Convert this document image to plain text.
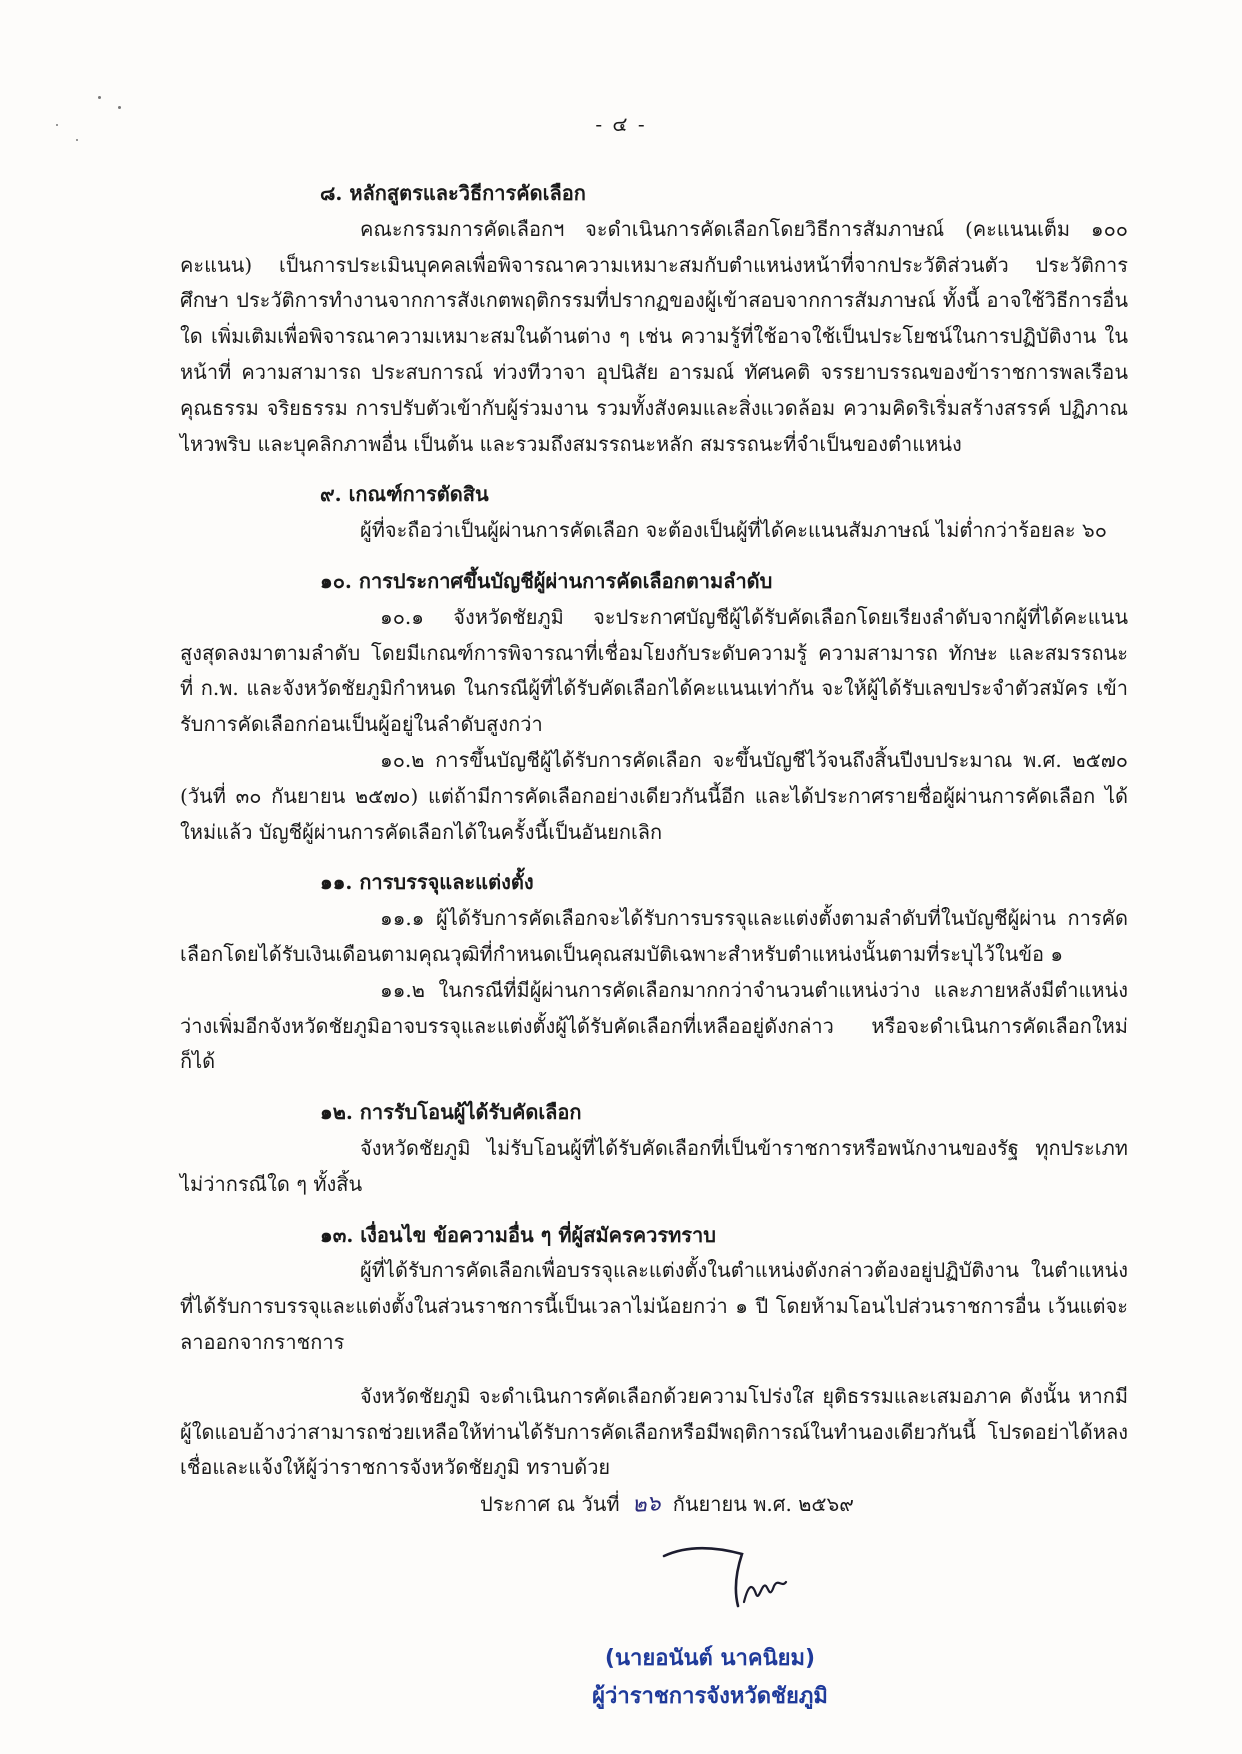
- ๔ -
๘. หลักสูตรและวิธีการคัดเลือก

คณะกรรมการคัดเลือกฯ จะดำเนินการคัดเลือกโดยวิธีการสัมภาษณ์ (คะแนนเต็ม ๑๐๐ คะแนน) เป็นการประเมินบุคคลเพื่อพิจารณาความเหมาะสมกับตำแหน่งหน้าที่จากประวัติส่วนตัว ประวัติการศึกษา ประวัติการทำงานจากการสังเกตพฤติกรรมที่ปรากฏของผู้เข้าสอบจากการสัมภาษณ์ ทั้งนี้ อาจใช้วิธีการอื่นใด เพิ่มเติมเพื่อพิจารณาความเหมาะสมในด้านต่าง ๆ เช่น ความรู้ที่ใช้อาจใช้เป็นประโยชน์ในการปฏิบัติงาน ในหน้าที่ ความสามารถ ประสบการณ์ ท่วงทีวาจา อุปนิสัย อารมณ์ ทัศนคติ จรรยาบรรณของข้าราชการพลเรือน คุณธรรม จริยธรรม การปรับตัวเข้ากับผู้ร่วมงาน รวมทั้งสังคมและสิ่งแวดล้อม ความคิดริเริ่มสร้างสรรค์ ปฏิภาณไหวพริบ และบุคลิกภาพอื่น เป็นต้น และรวมถึงสมรรถนะหลัก สมรรถนะที่จำเป็นของตำแหน่ง

๙. เกณฑ์การตัดสิน

ผู้ที่จะถือว่าเป็นผู้ผ่านการคัดเลือก จะต้องเป็นผู้ที่ได้คะแนนสัมภาษณ์ ไม่ต่ำกว่าร้อยละ ๖๐

๑๐. การประกาศขึ้นบัญชีผู้ผ่านการคัดเลือกตามลำดับ

๑๐.๑ จังหวัดชัยภูมิ จะประกาศบัญชีผู้ได้รับคัดเลือกโดยเรียงลำดับจากผู้ที่ได้คะแนน สูงสุดลงมาตามลำดับ โดยมีเกณฑ์การพิจารณาที่เชื่อมโยงกับระดับความรู้ ความสามารถ ทักษะ และสมรรถนะ ที่ ก.พ. และจังหวัดชัยภูมิกำหนด ในกรณีผู้ที่ได้รับคัดเลือกได้คะแนนเท่ากัน จะให้ผู้ได้รับเลขประจำตัวสมัคร เข้ารับการคัดเลือกก่อนเป็นผู้อยู่ในลำดับสูงกว่า

๑๐.๒ การขึ้นบัญชีผู้ได้รับการคัดเลือก จะขึ้นบัญชีไว้จนถึงสิ้นปีงบประมาณ พ.ศ. ๒๕๗๐ (วันที่ ๓๐ กันยายน ๒๕๗๐) แต่ถ้ามีการคัดเลือกอย่างเดียวกันนี้อีก และได้ประกาศรายชื่อผู้ผ่านการคัดเลือก ได้ใหม่แล้ว บัญชีผู้ผ่านการคัดเลือกได้ในครั้งนี้เป็นอันยกเลิก

๑๑. การบรรจุและแต่งตั้ง

๑๑.๑ ผู้ได้รับการคัดเลือกจะได้รับการบรรจุและแต่งตั้งตามลำดับที่ในบัญชีผู้ผ่าน การคัดเลือกโดยได้รับเงินเดือนตามคุณวุฒิที่กำหนดเป็นคุณสมบัติเฉพาะสำหรับตำแหน่งนั้นตามที่ระบุไว้ในข้อ ๑

๑๑.๒ ในกรณีที่มีผู้ผ่านการคัดเลือกมากกว่าจำนวนตำแหน่งว่าง และภายหลังมีตำแหน่ง ว่างเพิ่มอีกจังหวัดชัยภูมิอาจบรรจุและแต่งตั้งผู้ได้รับคัดเลือกที่เหลืออยู่ดังกล่าว หรือจะดำเนินการคัดเลือกใหม่ก็ได้

๑๒. การรับโอนผู้ได้รับคัดเลือก

จังหวัดชัยภูมิ ไม่รับโอนผู้ที่ได้รับคัดเลือกที่เป็นข้าราชการหรือพนักงานของรัฐ ทุกประเภท ไม่ว่ากรณีใด ๆ ทั้งสิ้น

๑๓. เงื่อนไข ข้อความอื่น ๆ ที่ผู้สมัครควรทราบ

ผู้ที่ได้รับการคัดเลือกเพื่อบรรจุและแต่งตั้งในตำแหน่งดังกล่าวต้องอยู่ปฏิบัติงาน ในตำแหน่งที่ได้รับการบรรจุและแต่งตั้งในส่วนราชการนี้เป็นเวลาไม่น้อยกว่า ๑ ปี โดยห้ามโอนไปส่วนราชการอื่น เว้นแต่จะลาออกจากราชการ

จังหวัดชัยภูมิ จะดำเนินการคัดเลือกด้วยความโปร่งใส ยุติธรรมและเสมอภาค ดังนั้น หากมีผู้ใดแอบอ้างว่าสามารถช่วยเหลือให้ท่านได้รับการคัดเลือกหรือมีพฤติการณ์ในทำนองเดียวกันนี้ โปรดอย่าได้หลงเชื่อและแจ้งให้ผู้ว่าราชการจังหวัดชัยภูมิ ทราบด้วย

ประกาศ ณ วันที่ ๒๖ กันยายน พ.ศ. ๒๕๖๙
(นายอนันต์ นาคนิยม)
ผู้ว่าราชการจังหวัดชัยภูมิ
